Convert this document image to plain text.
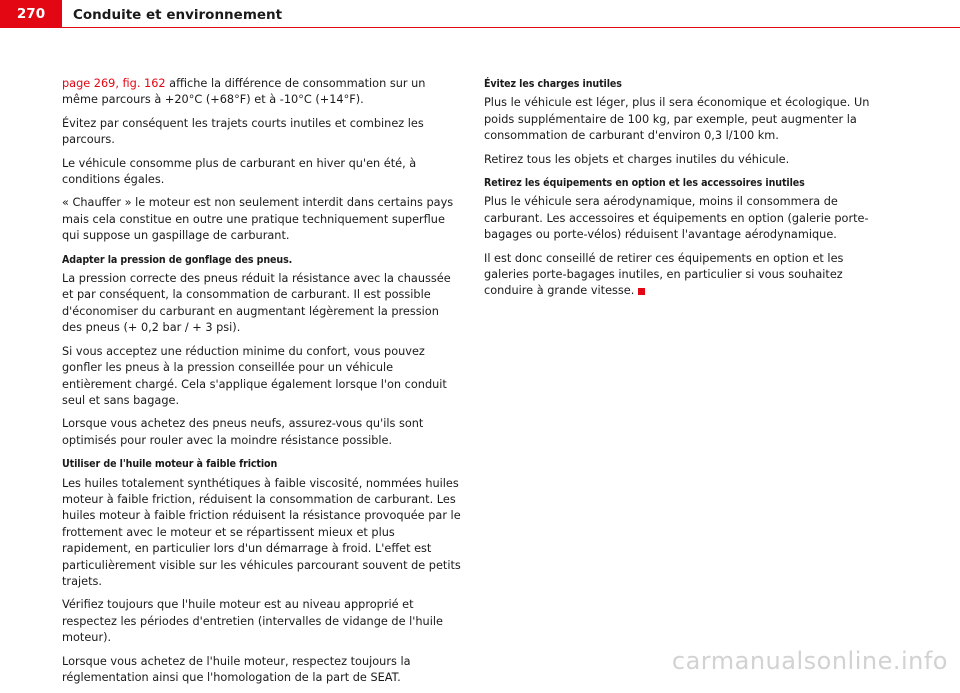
270	Conduite et environnement

page 269, fig. 162 affiche la différence de consommation sur un même parcours à +20°C (+68°F) et à -10°C (+14°F).

Évitez par conséquent les trajets courts inutiles et combinez les parcours.

Le véhicule consomme plus de carburant en hiver qu'en été, à conditions égales.

« Chauffer » le moteur est non seulement interdit dans certains pays mais cela constitue en outre une pratique techniquement superflue qui suppose un gaspillage de carburant.

Adapter la pression de gonflage des pneus.

La pression correcte des pneus réduit la résistance avec la chaussée et par conséquent, la consommation de carburant. Il est possible d'économiser du carburant en augmentant légèrement la pression des pneus (+ 0,2 bar / + 3 psi).

Si vous acceptez une réduction minime du confort, vous pouvez gonfler les pneus à la pression conseillée pour un véhicule entièrement chargé. Cela s'applique également lorsque l'on conduit seul et sans bagage.

Lorsque vous achetez des pneus neufs, assurez-vous qu'ils sont optimisés pour rouler avec la moindre résistance possible.

Utiliser de l'huile moteur à faible friction

Les huiles totalement synthétiques à faible viscosité, nommées huiles moteur à faible friction, réduisent la consommation de carburant. Les huiles moteur à faible friction réduisent la résistance provoquée par le frottement avec le moteur et se répartissent mieux et plus rapidement, en particulier lors d'un démarrage à froid. L'effet est particulièrement visible sur les véhicules parcourant souvent de petits trajets.

Vérifiez toujours que l'huile moteur est au niveau approprié et respectez les périodes d'entretien (intervalles de vidange de l'huile moteur).

Lorsque vous achetez de l'huile moteur, respectez toujours la réglementation ainsi que l'homologation de la part de SEAT.

Évitez les charges inutiles

Plus le véhicule est léger, plus il sera économique et écologique. Un poids supplémentaire de 100 kg, par exemple, peut augmenter la consommation de carburant d'environ 0,3 l/100 km.

Retirez tous les objets et charges inutiles du véhicule.

Retirez les équipements en option et les accessoires inutiles

Plus le véhicule sera aérodynamique, moins il consommera de carburant. Les accessoires et équipements en option (galerie porte-bagages ou porte-vélos) réduisent l'avantage aérodynamique.

Il est donc conseillé de retirer ces équipements en option et les galeries porte-bagages inutiles, en particulier si vous souhaitez conduire à grande vitesse.

carmanualsonline.info
